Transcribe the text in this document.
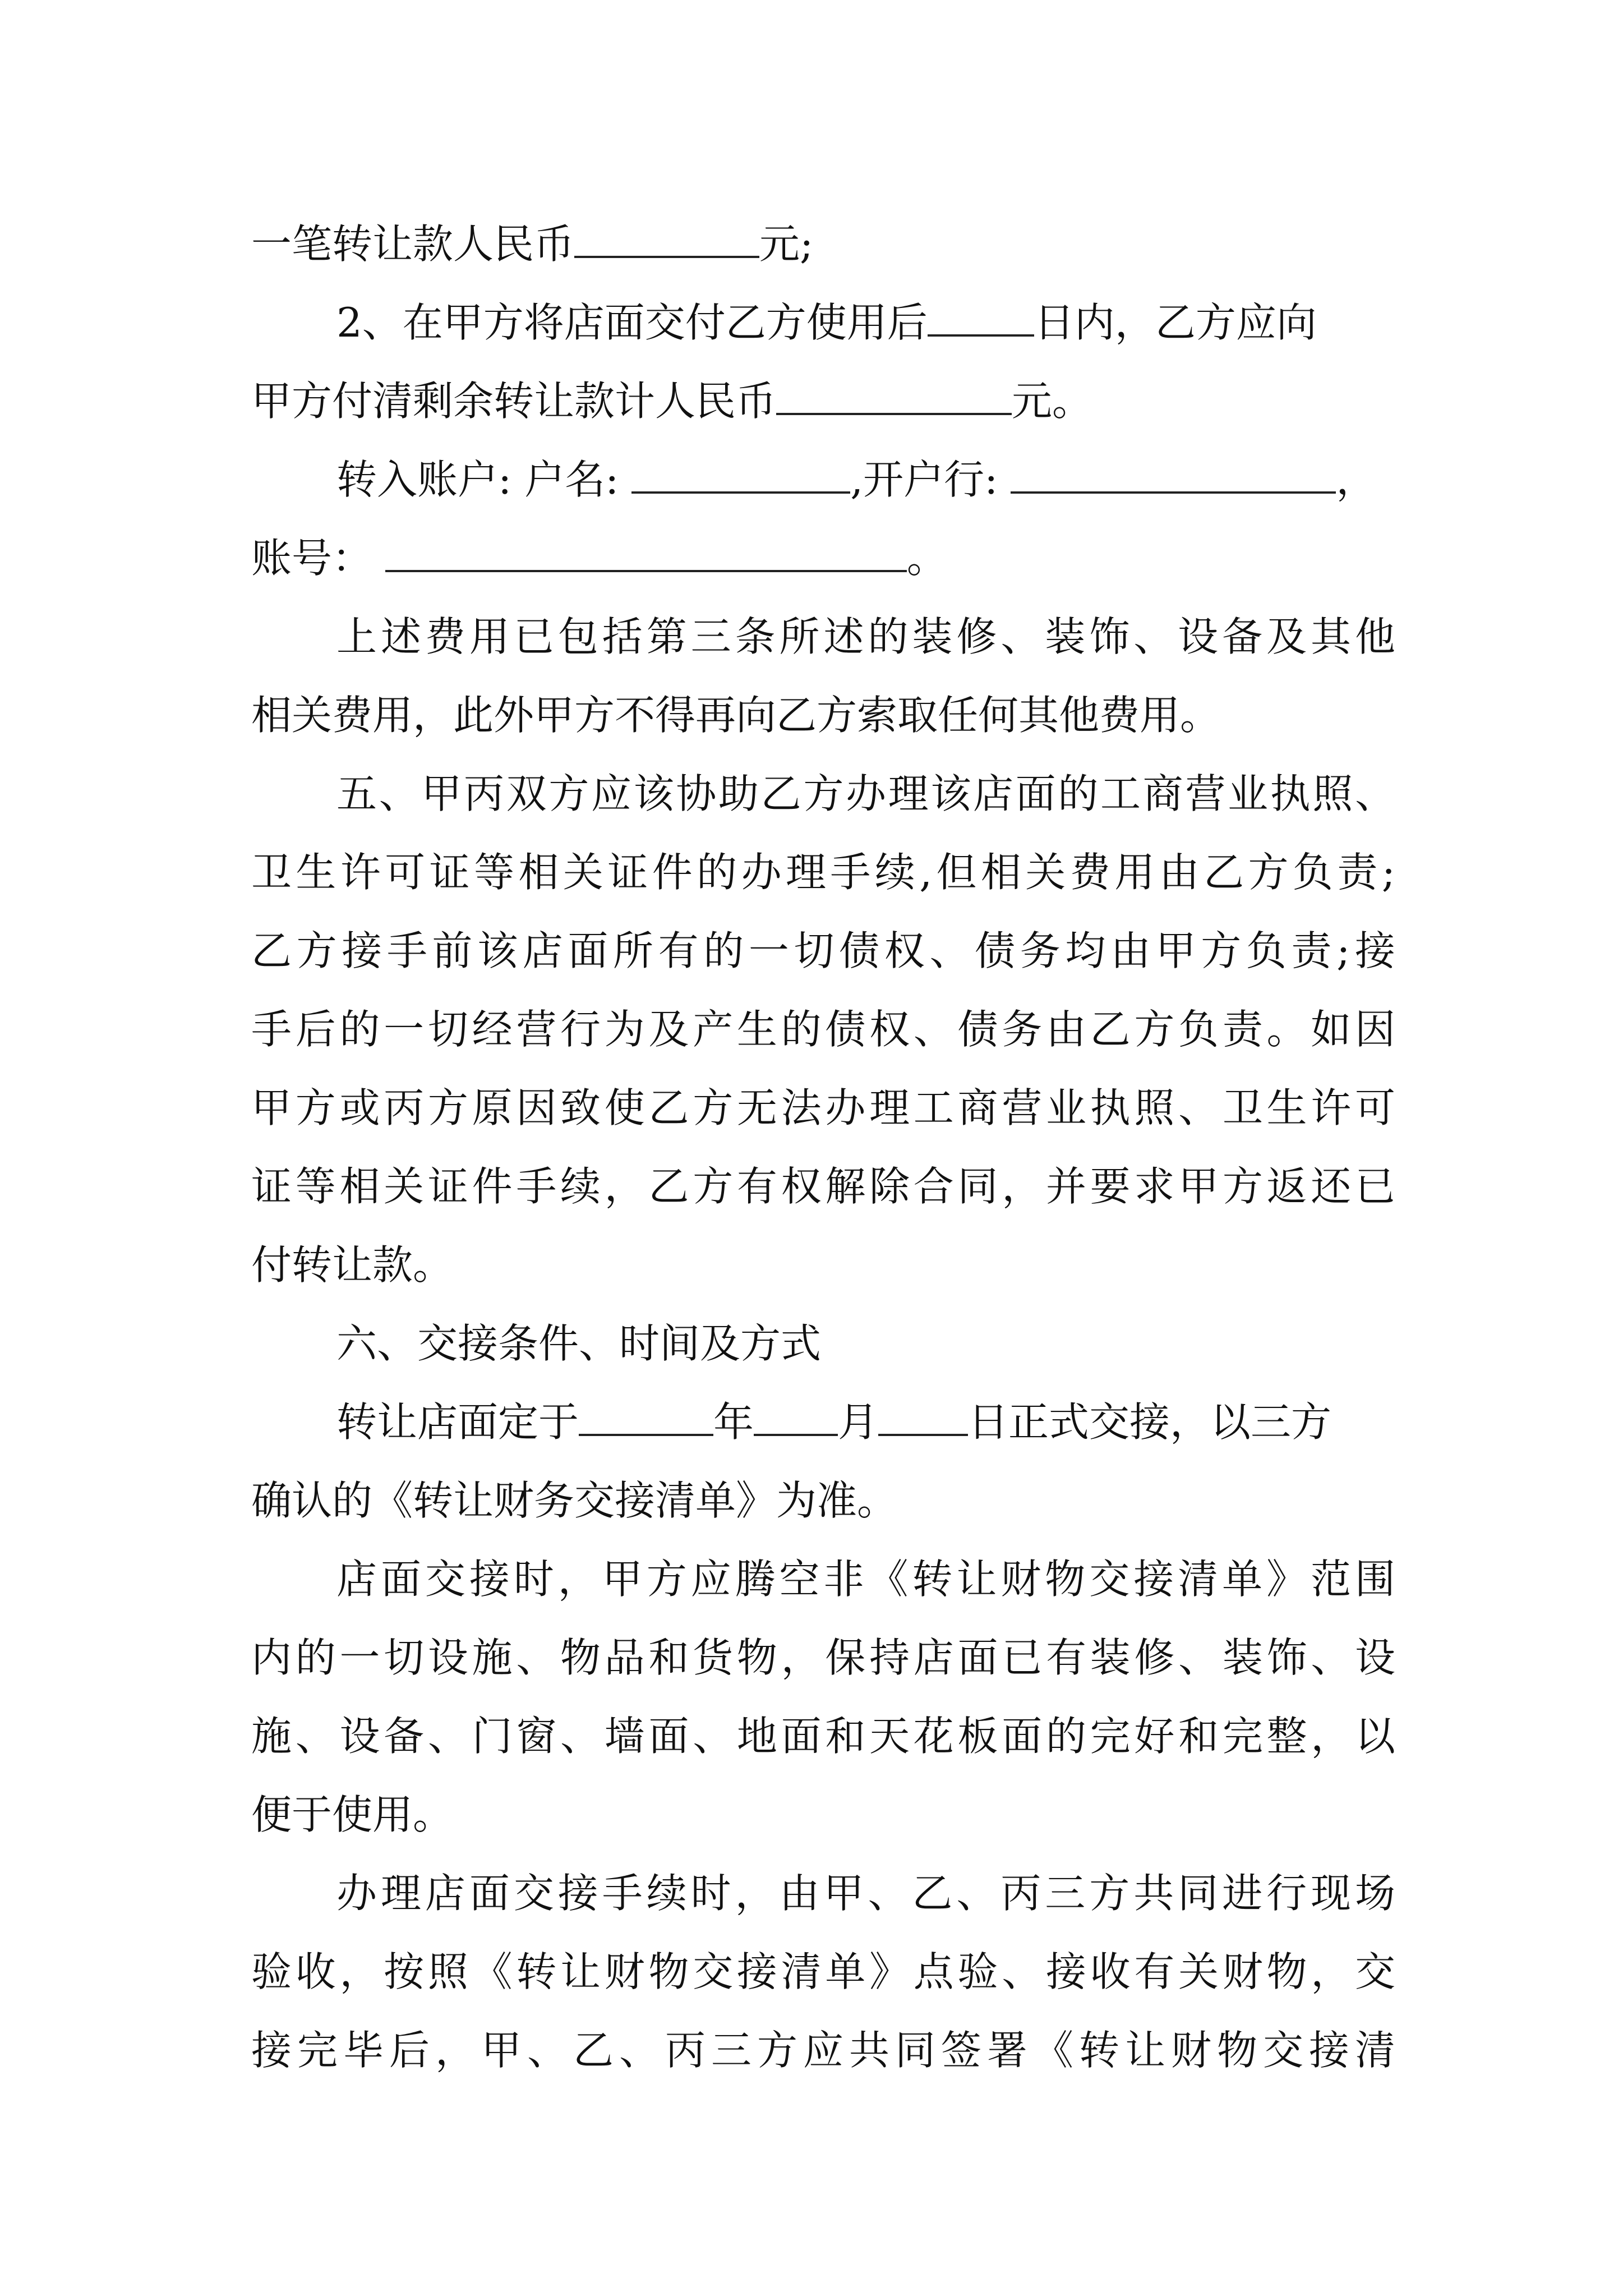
一笔转让款人民币	元;
2、在甲方将店面交付乙方使用后	日内，乙方应向
甲方付清剩余转让款计人民币	元。
转入账户: 户名:	,开户行:	，
账号：	。
上述费用已包括第三条所述的装修、装饰、设备及其他
相关费用，此外甲方不得再向乙方索取任何其他费用。
五、甲丙双方应该协助乙方办理该店面的工商营业执照、
卫生许可证等相关证件的办理手续,但相关费用由乙方负责;
乙方接手前该店面所有的一切债权、债务均由甲方负责;接
手后的一切经营行为及产生的债权、债务由乙方负责。如因
甲方或丙方原因致使乙方无法办理工商营业执照、卫生许可
证等相关证件手续，乙方有权解除合同，并要求甲方返还已
付转让款。
六、交接条件、时间及方式
转让店面定于	年 月 日正式交接，以三方
确认的《转让财务交接清单》为准。
店面交接时，甲方应腾空非《转让财物交接清单》范围
内的一切设施、物品和货物，保持店面已有装修、装饰、设
施、设备、门窗、墙面、地面和天花板面的完好和完整，以
便于使用。
办理店面交接手续时，由甲、乙、丙三方共同进行现场
验收，按照《转让财物交接清单》点验、接收有关财物，交
接完毕后，甲、乙、丙三方应共同签署《转让财物交接清
